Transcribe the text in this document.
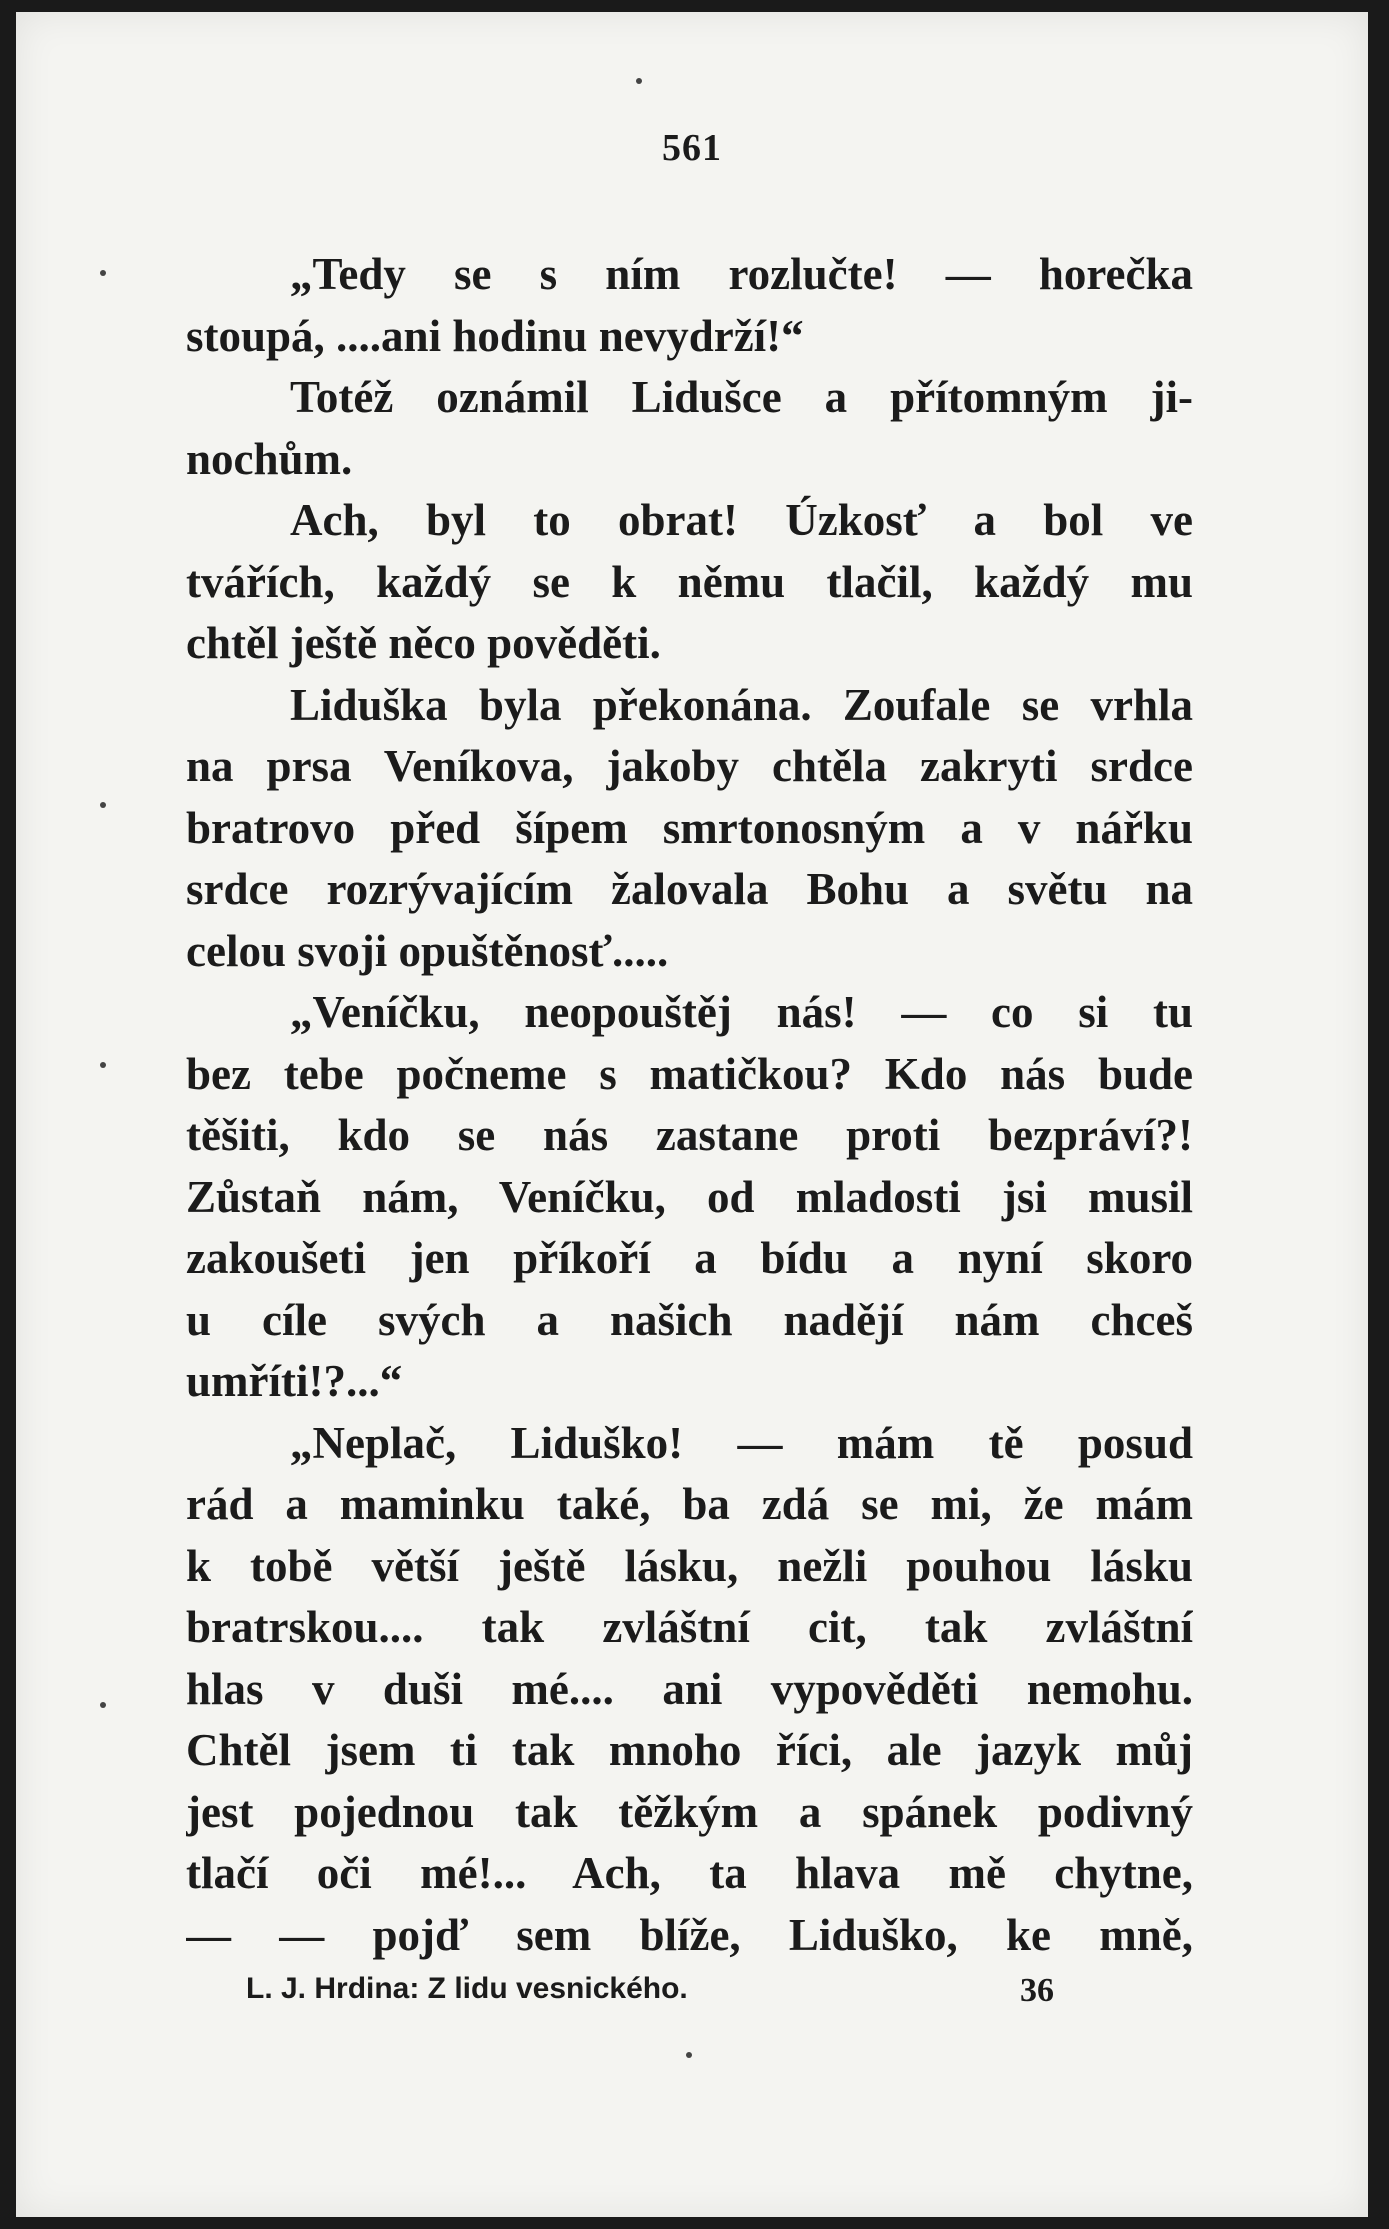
561
„Tedy se s ním rozlučte! — horečka
stoupá, ....ani hodinu nevydrží!“
Totéž oznámil Lidušce a přítomným ji-
nochům.
Ach, byl to obrat! Úzkosť a bol ve
tvářích, každý se k němu tlačil, každý mu
chtěl ještě něco pověděti.
Liduška byla překonána. Zoufale se vrhla
na prsa Veníkova, jakoby chtěla zakryti srdce
bratrovo před šípem smrtonosným a v nářku
srdce rozrývajícím žalovala Bohu a světu na
celou svoji opuštěnosť.....
„Veníčku, neopouštěj nás! — co si tu
bez tebe počneme s matičkou? Kdo nás bude
těšiti, kdo se nás zastane proti bezpráví?!
Zůstaň nám, Veníčku, od mladosti jsi musil
zakoušeti jen příkoří a bídu a nyní skoro
u cíle svých a našich nadějí nám chceš
umříti!?...“
„Neplač, Liduško! — mám tě posud
rád a maminku také, ba zdá se mi, že mám
k tobě větší ještě lásku, nežli pouhou lásku
bratrskou.... tak zvláštní cit, tak zvláštní
hlas v duši mé.... ani vypověděti nemohu.
Chtěl jsem ti tak mnoho říci, ale jazyk můj
jest pojednou tak těžkým a spánek podivný
tlačí oči mé!... Ach, ta hlava mě chytne,
— — pojď sem blíže, Liduško, ke mně,
L. J. Hrdina: Z lidu vesnického.	36
